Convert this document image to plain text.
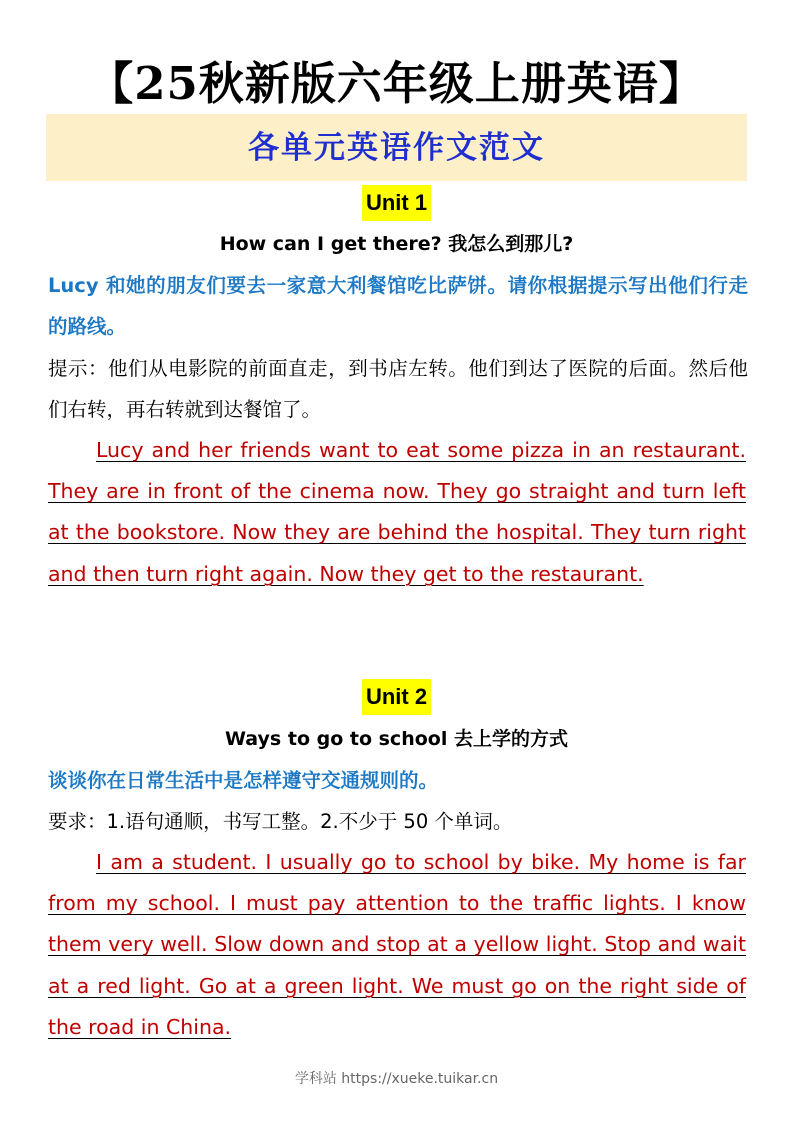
【25秋新版六年级上册英语】
各单元英语作文范文
Unit 1
How can I get there? 我怎么到那儿?
Lucy 和她的朋友们要去一家意大利餐馆吃比萨饼。请你根据提示写出他们行走的路线。
提示：他们从电影院的前面直走，到书店左转。他们到达了医院的后面。然后他们右转，再右转就到达餐馆了。
Lucy and her friends want to eat some pizza in an restaurant. They are in front of the cinema now. They go straight and turn left at the bookstore. Now they are behind the hospital. They turn right and then turn right again. Now they get to the restaurant.
Unit 2
Ways to go to school 去上学的方式
谈谈你在日常生活中是怎样遵守交通规则的。
要求：1.语句通顺，书写工整。2.不少于 50 个单词。
I am a student. I usually go to school by bike. My home is far from my school. I must pay attention to the traffic lights. I know them very well. Slow down and stop at a yellow light. Stop and wait at a red light. Go at a green light. We must go on the right side of the road in China.
学科站 https://xueke.tuikar.cn
